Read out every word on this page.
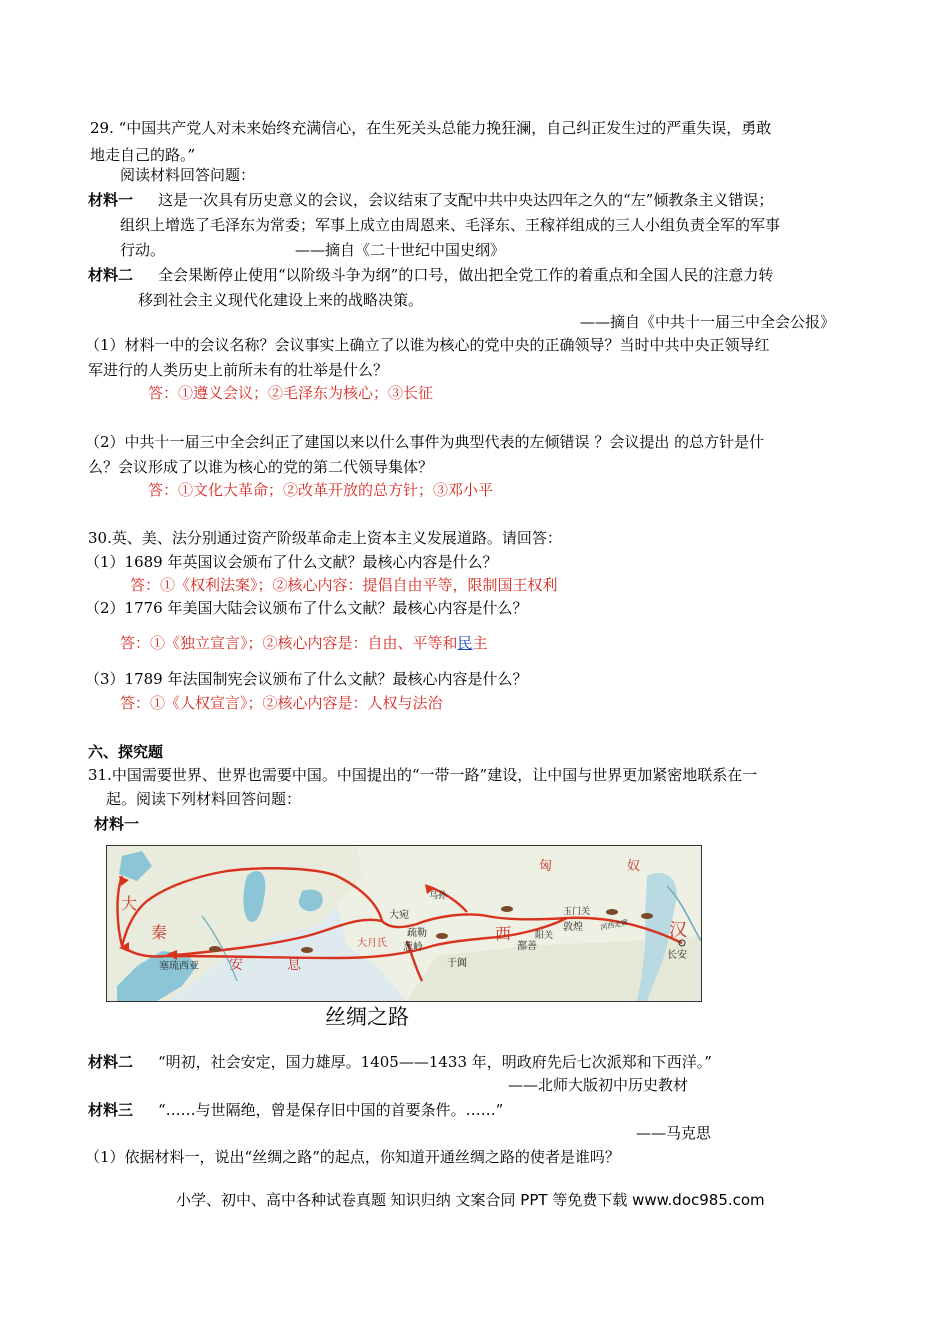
29. “中国共产党人对未来始终充满信心，在生死关头总能力挽狂澜，自己纠正发生过的严重失误，勇敢
地走自己的路。”
阅读材料回答问题：
材料一 这是一次具有历史意义的会议，会议结束了支配中共中央达四年之久的“左”倾教条主义错误；
组织上增选了毛泽东为常委；军事上成立由周恩来、毛泽东、王稼祥组成的三人小组负责全军的军事
行动。	——摘自《二十世纪中国史纲》
材料二 全会果断停止使用“以阶级斗争为纲”的口号，做出把全党工作的着重点和全国人民的注意力转
移到社会主义现代化建设上来的战略决策。
——摘自《中共十一届三中全会公报》
（1）材料一中的会议名称？会议事实上确立了以谁为核心的党中央的正确领导？当时中共中央正领导红
军进行的人类历史上前所未有的壮举是什么？
答：①遵义会议；②毛泽东为核心；③长征
（2）中共十一届三中全会纠正了建国以来以什么事件为典型代表的左倾错误 ？会议提出 的总方针是什
么？会议形成了以谁为核心的党的第二代领导集体？
答：①文化大革命；②改革开放的总方针；③邓小平
30.英、美、法分别通过资产阶级革命走上资本主义发展道路。请回答：
（1）1689 年英国议会颁布了什么文献？最核心内容是什么？
答：①《权利法案》；②核心内容：提倡自由平等，限制国王权利
（2）1776 年美国大陆会议颁布了什么文献？最核心内容是什么？
答：①《独立宣言》；②核心内容是：自由、平等和民主
（3）1789 年法国制宪会议颁布了什么文献？最核心内容是什么？
答：①《人权宣言》；②核心内容是：人权与法治
六、探究题
31.中国需要世界、世界也需要中国。中国提出的“一带一路”建设，让中国与世界更加紧密地联系在一
起。阅读下列材料回答问题：
材料一
匈	奴
大
秦
安	息
西	汉
长安
大宛
疏勒
大月氏 葱岭
于阗
玉门关
敦煌
阳关
鄯善
河西走廊
乌孙
塞琉西亚
丝绸之路
材料二 “明初，社会安定，国力雄厚。1405——1433 年，明政府先后七次派郑和下西洋。”
——北师大版初中历史教材
材料三 “……与世隔绝，曾是保存旧中国的首要条件。……”
——马克思
（1）依据材料一，说出“丝绸之路”的起点，你知道开通丝绸之路的使者是谁吗？
小学、初中、高中各种试卷真题 知识归纳 文案合同 PPT 等免费下载 www.doc985.com
